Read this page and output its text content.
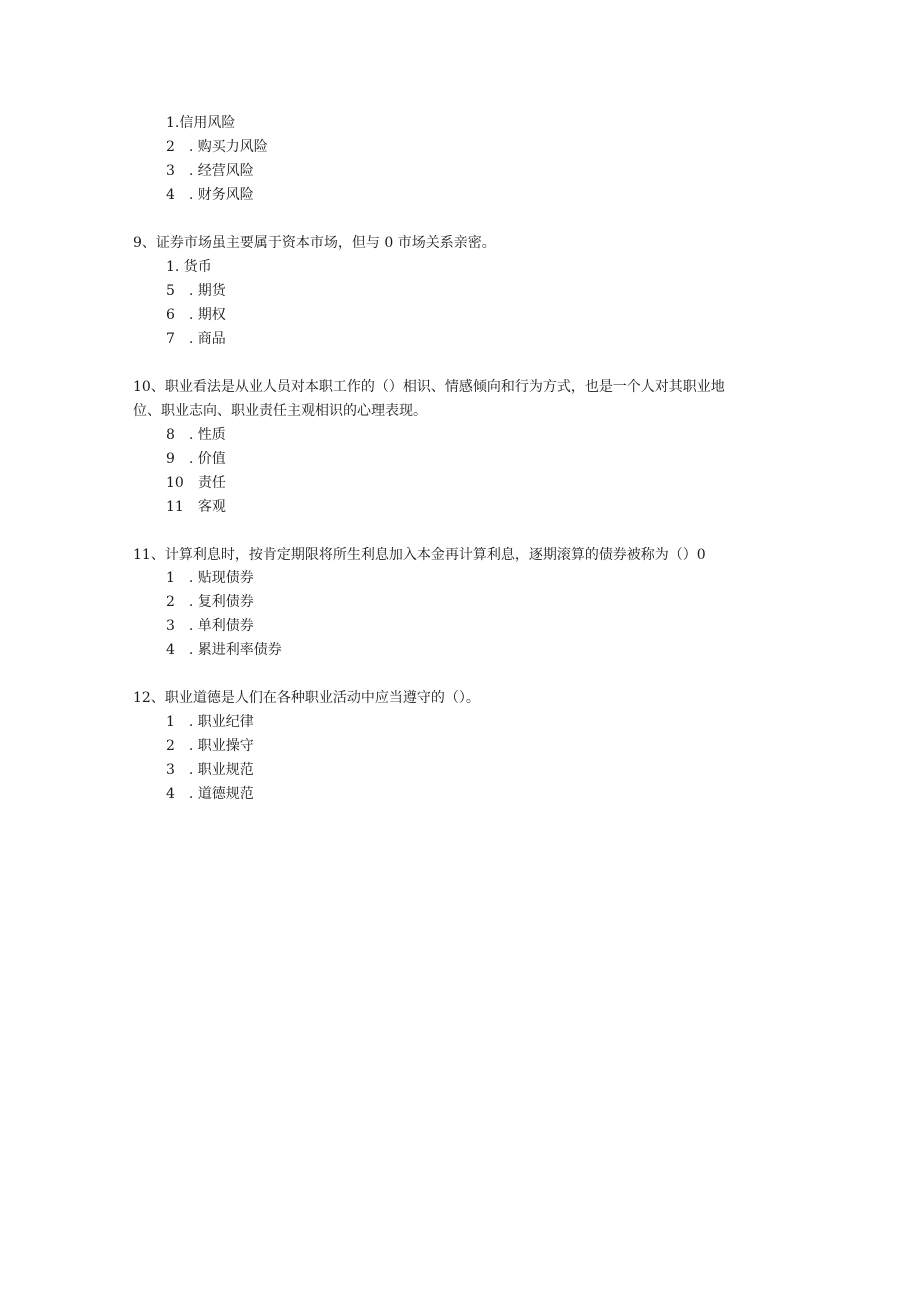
1.信用风险
2　. 购买力风险
3　. 经营风险
4　. 财务风险
9、证券市场虽主要属于资本市场，但与 0 市场关系亲密。
1. 货币
5　. 期货
6　. 期权
7　. 商品
10、职业看法是从业人员对本职工作的（）相识、情感倾向和行为方式，也是一个人对其职业地
位、职业志向、职业责任主观相识的心理表现。
8　. 性质
9　. 价值
10　责任
11　客观
11、计算利息时，按肯定期限将所生利息加入本金再计算利息，逐期滚算的债券被称为（）0
1　. 贴现债券
2　. 复利债券
3　. 单利债券
4　. 累进利率债券
12、职业道德是人们在各种职业活动中应当遵守的（）。
1　. 职业纪律
2　. 职业操守
3　. 职业规范
4　. 道德规范
